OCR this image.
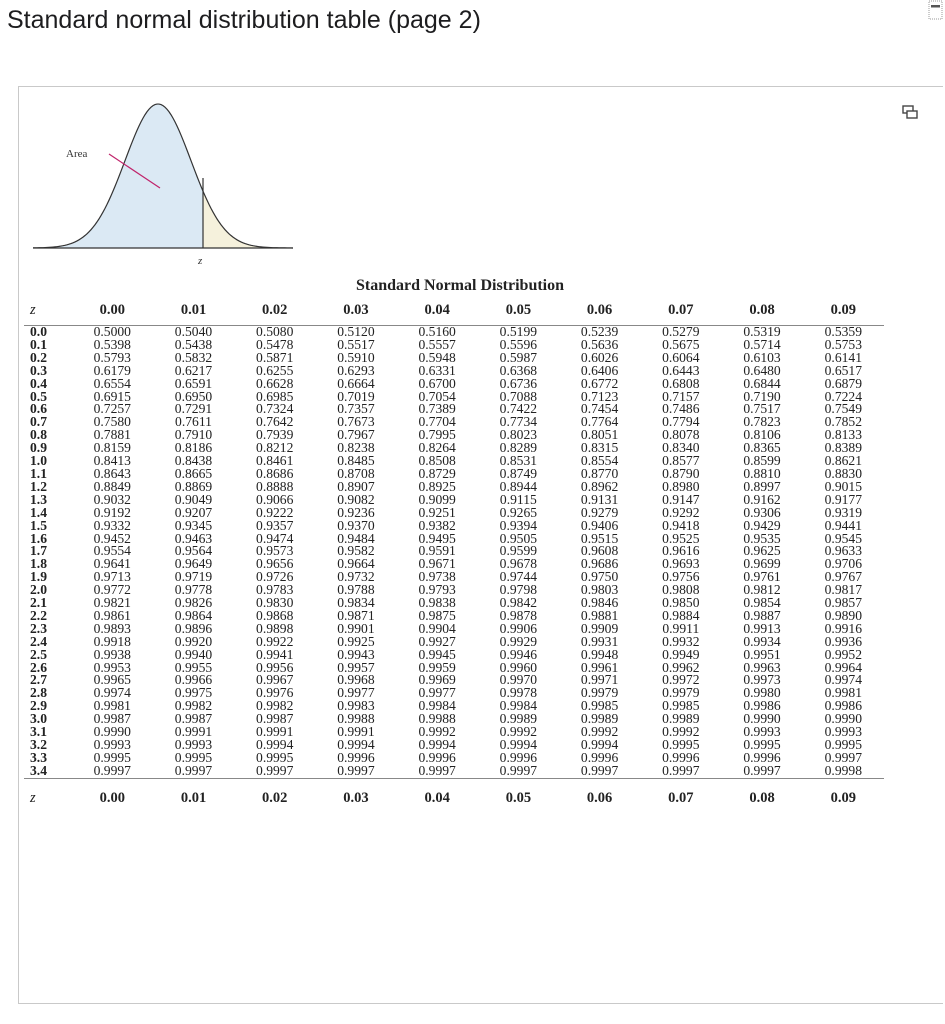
Standard normal distribution table (page 2)
Area
z
Standard Normal Distribution
z	0.00	0.01	0.02	0.03	0.04	0.05	0.06	0.07	0.08	0.09
0.0	0.5000	0.5040	0.5080	0.5120	0.5160	0.5199	0.5239	0.5279	0.5319	0.5359
0.1	0.5398	0.5438	0.5478	0.5517	0.5557	0.5596	0.5636	0.5675	0.5714	0.5753
0.2	0.5793	0.5832	0.5871	0.5910	0.5948	0.5987	0.6026	0.6064	0.6103	0.6141
0.3	0.6179	0.6217	0.6255	0.6293	0.6331	0.6368	0.6406	0.6443	0.6480	0.6517
0.4	0.6554	0.6591	0.6628	0.6664	0.6700	0.6736	0.6772	0.6808	0.6844	0.6879
0.5	0.6915	0.6950	0.6985	0.7019	0.7054	0.7088	0.7123	0.7157	0.7190	0.7224
0.6	0.7257	0.7291	0.7324	0.7357	0.7389	0.7422	0.7454	0.7486	0.7517	0.7549
0.7	0.7580	0.7611	0.7642	0.7673	0.7704	0.7734	0.7764	0.7794	0.7823	0.7852
0.8	0.7881	0.7910	0.7939	0.7967	0.7995	0.8023	0.8051	0.8078	0.8106	0.8133
0.9	0.8159	0.8186	0.8212	0.8238	0.8264	0.8289	0.8315	0.8340	0.8365	0.8389
1.0	0.8413	0.8438	0.8461	0.8485	0.8508	0.8531	0.8554	0.8577	0.8599	0.8621
1.1	0.8643	0.8665	0.8686	0.8708	0.8729	0.8749	0.8770	0.8790	0.8810	0.8830
1.2	0.8849	0.8869	0.8888	0.8907	0.8925	0.8944	0.8962	0.8980	0.8997	0.9015
1.3	0.9032	0.9049	0.9066	0.9082	0.9099	0.9115	0.9131	0.9147	0.9162	0.9177
1.4	0.9192	0.9207	0.9222	0.9236	0.9251	0.9265	0.9279	0.9292	0.9306	0.9319
1.5	0.9332	0.9345	0.9357	0.9370	0.9382	0.9394	0.9406	0.9418	0.9429	0.9441
1.6	0.9452	0.9463	0.9474	0.9484	0.9495	0.9505	0.9515	0.9525	0.9535	0.9545
1.7	0.9554	0.9564	0.9573	0.9582	0.9591	0.9599	0.9608	0.9616	0.9625	0.9633
1.8	0.9641	0.9649	0.9656	0.9664	0.9671	0.9678	0.9686	0.9693	0.9699	0.9706
1.9	0.9713	0.9719	0.9726	0.9732	0.9738	0.9744	0.9750	0.9756	0.9761	0.9767
2.0	0.9772	0.9778	0.9783	0.9788	0.9793	0.9798	0.9803	0.9808	0.9812	0.9817
2.1	0.9821	0.9826	0.9830	0.9834	0.9838	0.9842	0.9846	0.9850	0.9854	0.9857
2.2	0.9861	0.9864	0.9868	0.9871	0.9875	0.9878	0.9881	0.9884	0.9887	0.9890
2.3	0.9893	0.9896	0.9898	0.9901	0.9904	0.9906	0.9909	0.9911	0.9913	0.9916
2.4	0.9918	0.9920	0.9922	0.9925	0.9927	0.9929	0.9931	0.9932	0.9934	0.9936
2.5	0.9938	0.9940	0.9941	0.9943	0.9945	0.9946	0.9948	0.9949	0.9951	0.9952
2.6	0.9953	0.9955	0.9956	0.9957	0.9959	0.9960	0.9961	0.9962	0.9963	0.9964
2.7	0.9965	0.9966	0.9967	0.9968	0.9969	0.9970	0.9971	0.9972	0.9973	0.9974
2.8	0.9974	0.9975	0.9976	0.9977	0.9977	0.9978	0.9979	0.9979	0.9980	0.9981
2.9	0.9981	0.9982	0.9982	0.9983	0.9984	0.9984	0.9985	0.9985	0.9986	0.9986
3.0	0.9987	0.9987	0.9987	0.9988	0.9988	0.9989	0.9989	0.9989	0.9990	0.9990
3.1	0.9990	0.9991	0.9991	0.9991	0.9992	0.9992	0.9992	0.9992	0.9993	0.9993
3.2	0.9993	0.9993	0.9994	0.9994	0.9994	0.9994	0.9994	0.9995	0.9995	0.9995
3.3	0.9995	0.9995	0.9995	0.9996	0.9996	0.9996	0.9996	0.9996	0.9996	0.9997
3.4	0.9997	0.9997	0.9997	0.9997	0.9997	0.9997	0.9997	0.9997	0.9997	0.9998
z	0.00	0.01	0.02	0.03	0.04	0.05	0.06	0.07	0.08	0.09
